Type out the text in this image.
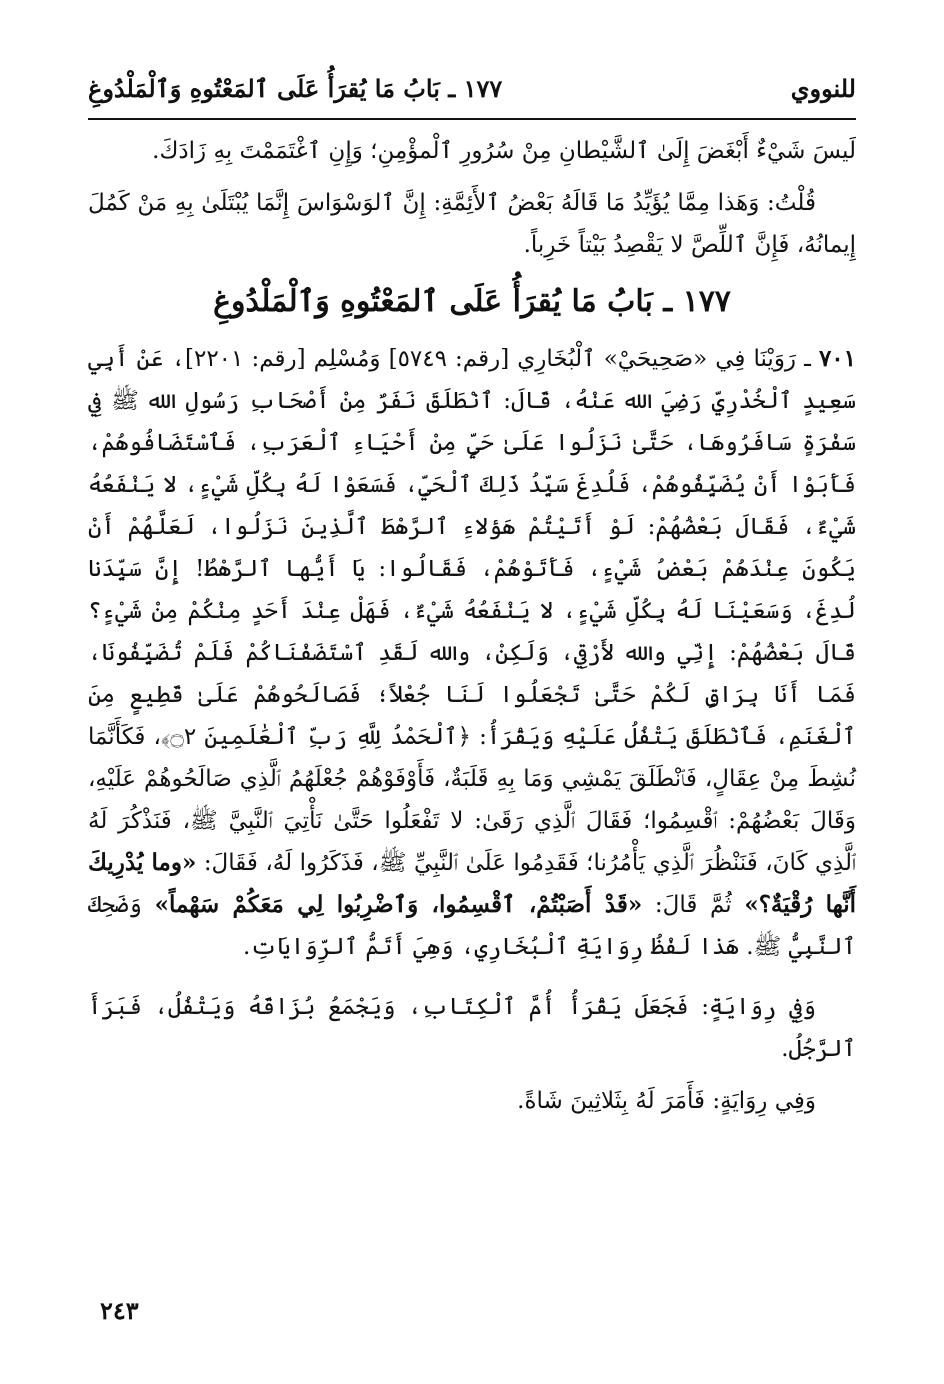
للنووي
١٧٧ ـ بَابُ مَا يُقرَأُ عَلَى ٱلمَعْتُوهِ وَٱلْمَلْدُوغِ

لَيسَ شَيْءٌ أَبْغَضَ إِلَىٰ ٱلشَّيْطانِ مِنْ سُرُورِ ٱلْمؤْمِنِ؛ وَإِنِ ٱغْتَمَمْتَ بِهِ زَادَكَ.

قُلْتُ: وَهَذا مِمَّا يُؤَيِّدُ مَا قَالَهُ بَعْضُ ٱلأَئِمَّةِ: إِنَّ ٱلوَسْوَاسَ إِنَّمَا يُبْتَلَىٰ بِهِ مَنْ كَمُلَ إِيمانُهُ، فَإِنَّ ٱللِّصَّ لا يَقْصِدُ بَيْتاً خَرِباً.

١٧٧ ـ بَابُ مَا يُقرَأُ عَلَى ٱلمَعْتُوهِ وَٱلْمَلْدُوغِ

٧٠١ ـ رَوَيْنَا فِي «صَحِيحَيْ» ٱلْبُخَارِي [رقم: ٥٧٤٩] وَمُسْلِم [رقم: ٢٢٠١]، عَنْ أَبِي سَعِيدٍ ٱلْخُدْرِيِّ رَضِيَ الله عَنْهُ، قَالَ: ٱنْطَلَقَ نَفَرٌ مِنْ أَصْحَابِ رَسُولِ الله ﷺ فِي سَفْرَةٍ سَافَرُوهَا، حَتَّىٰ نَزَلُوا عَلَىٰ حَيٍّ مِنْ أَحْيَاءِ ٱلْعَرَبِ، فَٱسْتَضَافُوهُمْ، فَأَبَوْا أَنْ يُضَيِّفُوهُمْ، فَلُدِغَ سَيِّدُ ذَلِكَ ٱلْحَيِّ، فَسَعَوْا لَهُ بِكُلِّ شَيْءٍ، لا يَنْفَعُهُ شَيْءٌ، فَقَالَ بَعْضُهُمْ: لَوْ أَتَيْتُمْ هَؤلاءِ ٱلرَّهْطَ ٱلَّذِينَ نَزَلُوا، لَعَلَّهُمْ أَنْ يَكُونَ عِنْدَهُمْ بَعْضُ شَيْءٍ، فَأَتَوْهُمْ، فَقَالُوا: يَا أَيُّها ٱلرَّهْطُ! إِنَّ سَيِّدَنا لُدِغَ، وَسَعَيْنَا لَهُ بِكُلِّ شَيْءٍ، لا يَنْفَعُهُ شَيْءٌ، فَهَلْ عِنْدَ أَحَدٍ مِنْكُمْ مِنْ شَيْءٍ؟ قَالَ بَعْضُهُمْ: إِنِّي والله لأَرْقِي، وَلَكِنْ، والله لَقَدِ ٱسْتَضَفْنَاكُمْ فَلَمْ تُضَيِّفُونَا، فَمَا أَنَا بِرَاقٍ لَكُمْ حَتَّىٰ تَجْعَلُوا لَنَا جُعْلاً؛ فَصَالَحُوهُمْ عَلَىٰ قَطِيعٍ مِنَ ٱلْغَنَمِ، فَٱنْطَلَقَ يَتْفُلُ عَلَيْهِ وَيَقْرَأُ: ﴿ٱلْحَمْدُ لِلَّهِ رَبِّ ٱلْعَٰلَمِينَ ۝٢﴾، فَكَأَنَّمَا نُشِطَ مِنْ عِقَالٍ، فَٱنْطَلَقَ يَمْشِي وَمَا بِهِ قَلَبَةٌ، فَأَوْفَوْهُمْ جُعْلَهُمُ ٱلَّذِي صَالَحُوهُمْ عَلَيْهِ، وَقَالَ بَعْضُهُمْ: ٱقْسِمُوا؛ فَقَالَ ٱلَّذِي رَقَىٰ: لا تَفْعَلُوا حَتَّىٰ نَأْتِيَ ٱلنَّبِيَّ ﷺ، فَنَذْكُرَ لَهُ ٱلَّذِي كَانَ، فَنَنْظُرَ ٱلَّذِي يَأْمُرُنا؛ فَقَدِمُوا عَلَىٰ ٱلنَّبِيِّ ﷺ، فَذَكَرُوا لَهُ، فَقَالَ: «وما يُدْرِيكَ أَنَّها رُقْيَةٌ؟» ثُمَّ قَالَ: «قَدْ أَصَبْتُمْ، ٱقْسِمُوا، وَٱضْرِبُوا لِي مَعَكُمْ سَهْماً» وَضَحِكَ ٱلنَّبِيُّ ﷺ. هَذا لَفْظُ رِوَايَةِ ٱلْبُخَارِي، وَهِيَ أَتَمُّ ٱلرِّوَايَاتِ.

وَفِي رِوَايَةٍ: فَجَعَلَ يَقْرَأُ أُمَّ ٱلْكِتَابِ، وَيَجْمَعُ بُزَاقَهُ وَيَتْفُلُ، فَبَرَأَ ٱلرَّجُلُ.

وَفِي رِوَايَةٍ: فَأَمَرَ لَهُ بِثَلاثِينَ شَاةً.

٢٤٣
